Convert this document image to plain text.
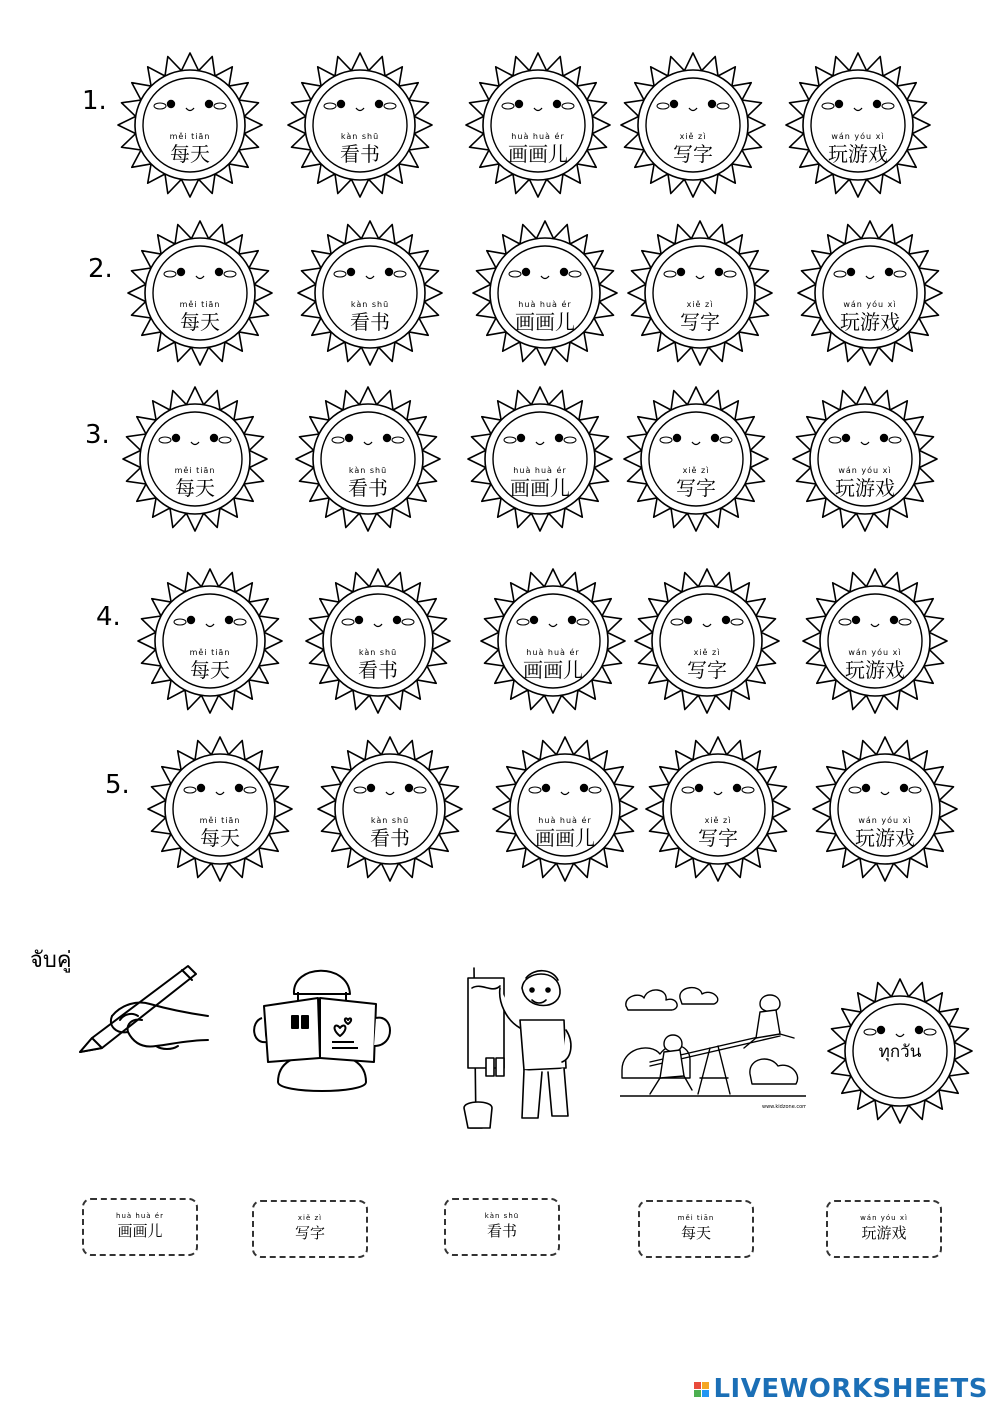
1.
měi tiān
每天
kàn shū
看书
huà huà ér
画画儿
xiě zì
写字
wán yóu xì
玩游戏
2.
měi tiān
每天
kàn shū
看书
huà huà ér
画画儿
xiě zì
写字
wán yóu xì
玩游戏
3.
měi tiān
每天
kàn shū
看书
huà huà ér
画画儿
xiě zì
写字
wán yóu xì
玩游戏
4.
měi tiān
每天
kàn shū
看书
huà huà ér
画画儿
xiě zì
写字
wán yóu xì
玩游戏
5.
měi tiān
每天
kàn shū
看书
huà huà ér
画画儿
xiě zì
写字
wán yóu xì
玩游戏
จับคู่
www.kidzone.com
ทุกวัน
huà huà ér
画画儿
xiě zì
写字
kàn shū
看书
měi tiān
每天
wán yóu xì
玩游戏
LIVEWORKSHEETS
